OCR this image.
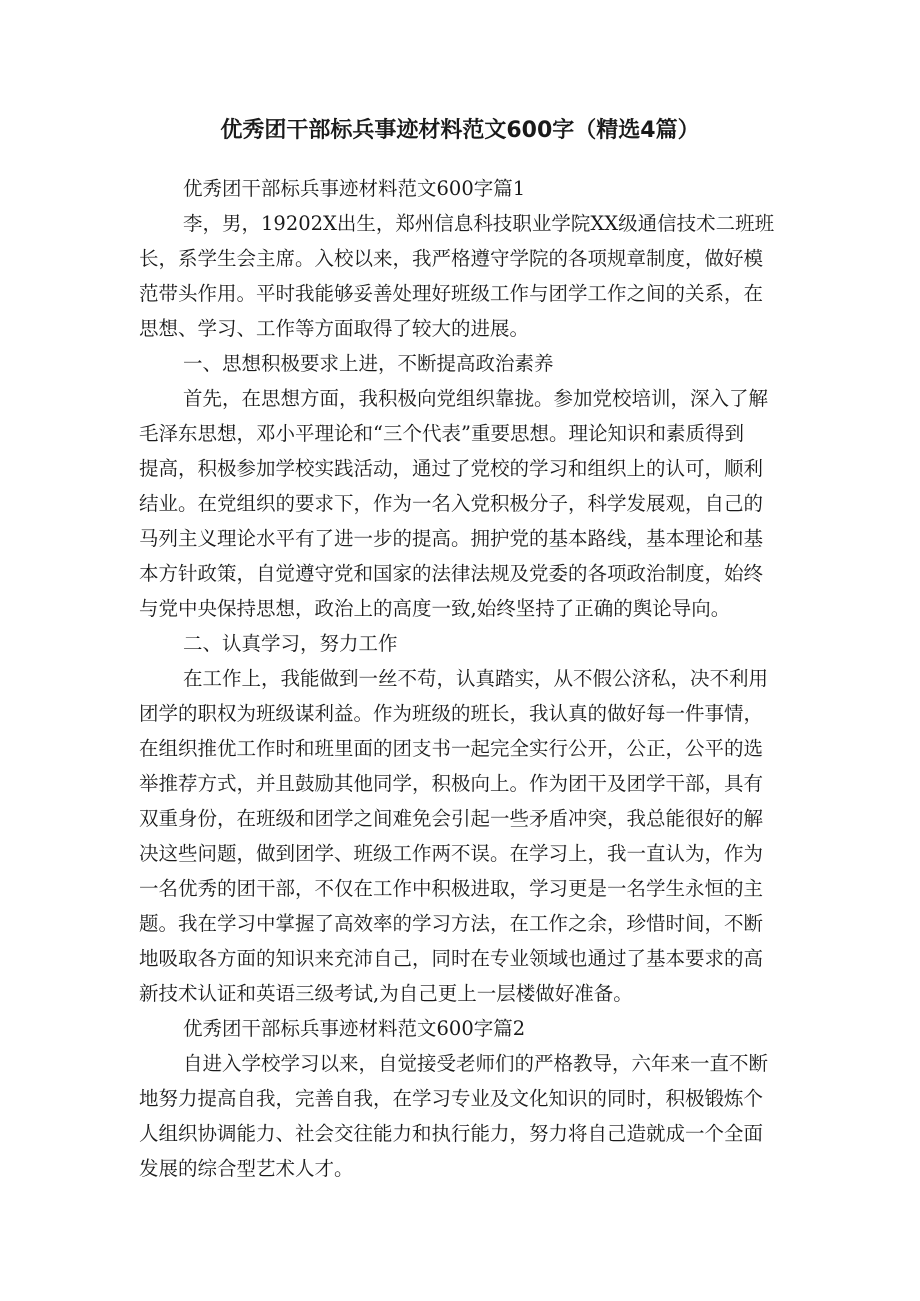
优秀团干部标兵事迹材料范文600字（精选4篇）
优秀团干部标兵事迹材料范文600字篇1
李，男，19202X出生，郑州信息科技职业学院XX级通信技术二班班
长，系学生会主席。入校以来，我严格遵守学院的各项规章制度，做好模
范带头作用。平时我能够妥善处理好班级工作与团学工作之间的关系，在
思想、学习、工作等方面取得了较大的进展。
一、思想积极要求上进，不断提高政治素养
首先，在思想方面，我积极向党组织靠拢。参加党校培训，深入了解
毛泽东思想，邓小平理论和“三个代表”重要思想。理论知识和素质得到
提高，积极参加学校实践活动，通过了党校的学习和组织上的认可，顺利
结业。在党组织的要求下，作为一名入党积极分子，科学发展观，自己的
马列主义理论水平有了进一步的提高。拥护党的基本路线，基本理论和基
本方针政策，自觉遵守党和国家的法律法规及党委的各项政治制度，始终
与党中央保持思想，政治上的高度一致,始终坚持了正确的舆论导向。
二、认真学习，努力工作
在工作上，我能做到一丝不苟，认真踏实，从不假公济私，决不利用
团学的职权为班级谋利益。作为班级的班长，我认真的做好每一件事情，
在组织推优工作时和班里面的团支书一起完全实行公开，公正，公平的选
举推荐方式，并且鼓励其他同学，积极向上。作为团干及团学干部，具有
双重身份，在班级和团学之间难免会引起一些矛盾冲突，我总能很好的解
决这些问题，做到团学、班级工作两不误。在学习上，我一直认为，作为
一名优秀的团干部，不仅在工作中积极进取，学习更是一名学生永恒的主
题。我在学习中掌握了高效率的学习方法，在工作之余，珍惜时间，不断
地吸取各方面的知识来充沛自己，同时在专业领域也通过了基本要求的高
新技术认证和英语三级考试,为自己更上一层楼做好准备。
优秀团干部标兵事迹材料范文600字篇2
自进入学校学习以来，自觉接受老师们的严格教导，六年来一直不断
地努力提高自我，完善自我，在学习专业及文化知识的同时，积极锻炼个
人组织协调能力、社会交往能力和执行能力，努力将自己造就成一个全面
发展的综合型艺术人才。
